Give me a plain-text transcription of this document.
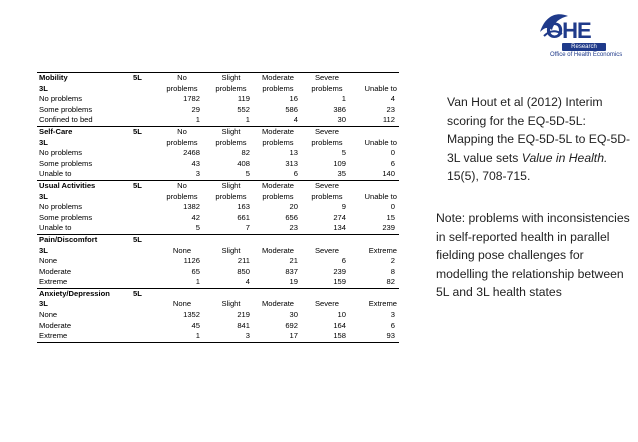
OHE
Research
Office of Health Economics
Mobility	5L	No	Slight	Moderate	Severe
3L	problems	problems	problems	problems	Unable to
No problems	1782	119	16	1	4
Some problems	29	552	586	386	23
Confined to bed	1	1	4	30	112
Self-Care	5L	No	Slight	Moderate	Severe
3L	problems	problems	problems	problems	Unable to
No problems	2468	82	13	5	0
Some problems	43	408	313	109	6
Unable to	3	5	6	35	140
Usual Activities	5L	No	Slight	Moderate	Severe
3L	problems	problems	problems	problems	Unable to
No problems	1382	163	20	9	0
Some problems	42	661	656	274	15
Unable to	5	7	23	134	239
Pain/Discomfort	5L
3L	None	Slight	Moderate	Severe	Extreme
None	1126	211	21	6	2
Moderate	65	850	837	239	8
Extreme	1	4	19	159	82
Anxiety/Depression	5L
3L	None	Slight	Moderate	Severe	Extreme
None	1352	219	30	10	3
Moderate	45	841	692	164	6
Extreme	1	3	17	158	93
Van Hout et al (2012) Interim scoring for the EQ-5D-5L: Mapping the EQ-5D-5L to EQ-5D-3L value sets Value in Health. 15(5), 708-715.
Note: problems with inconsistencies in self-reported health in parallel fielding pose challenges for modelling the relationship between 5L and 3L health states
